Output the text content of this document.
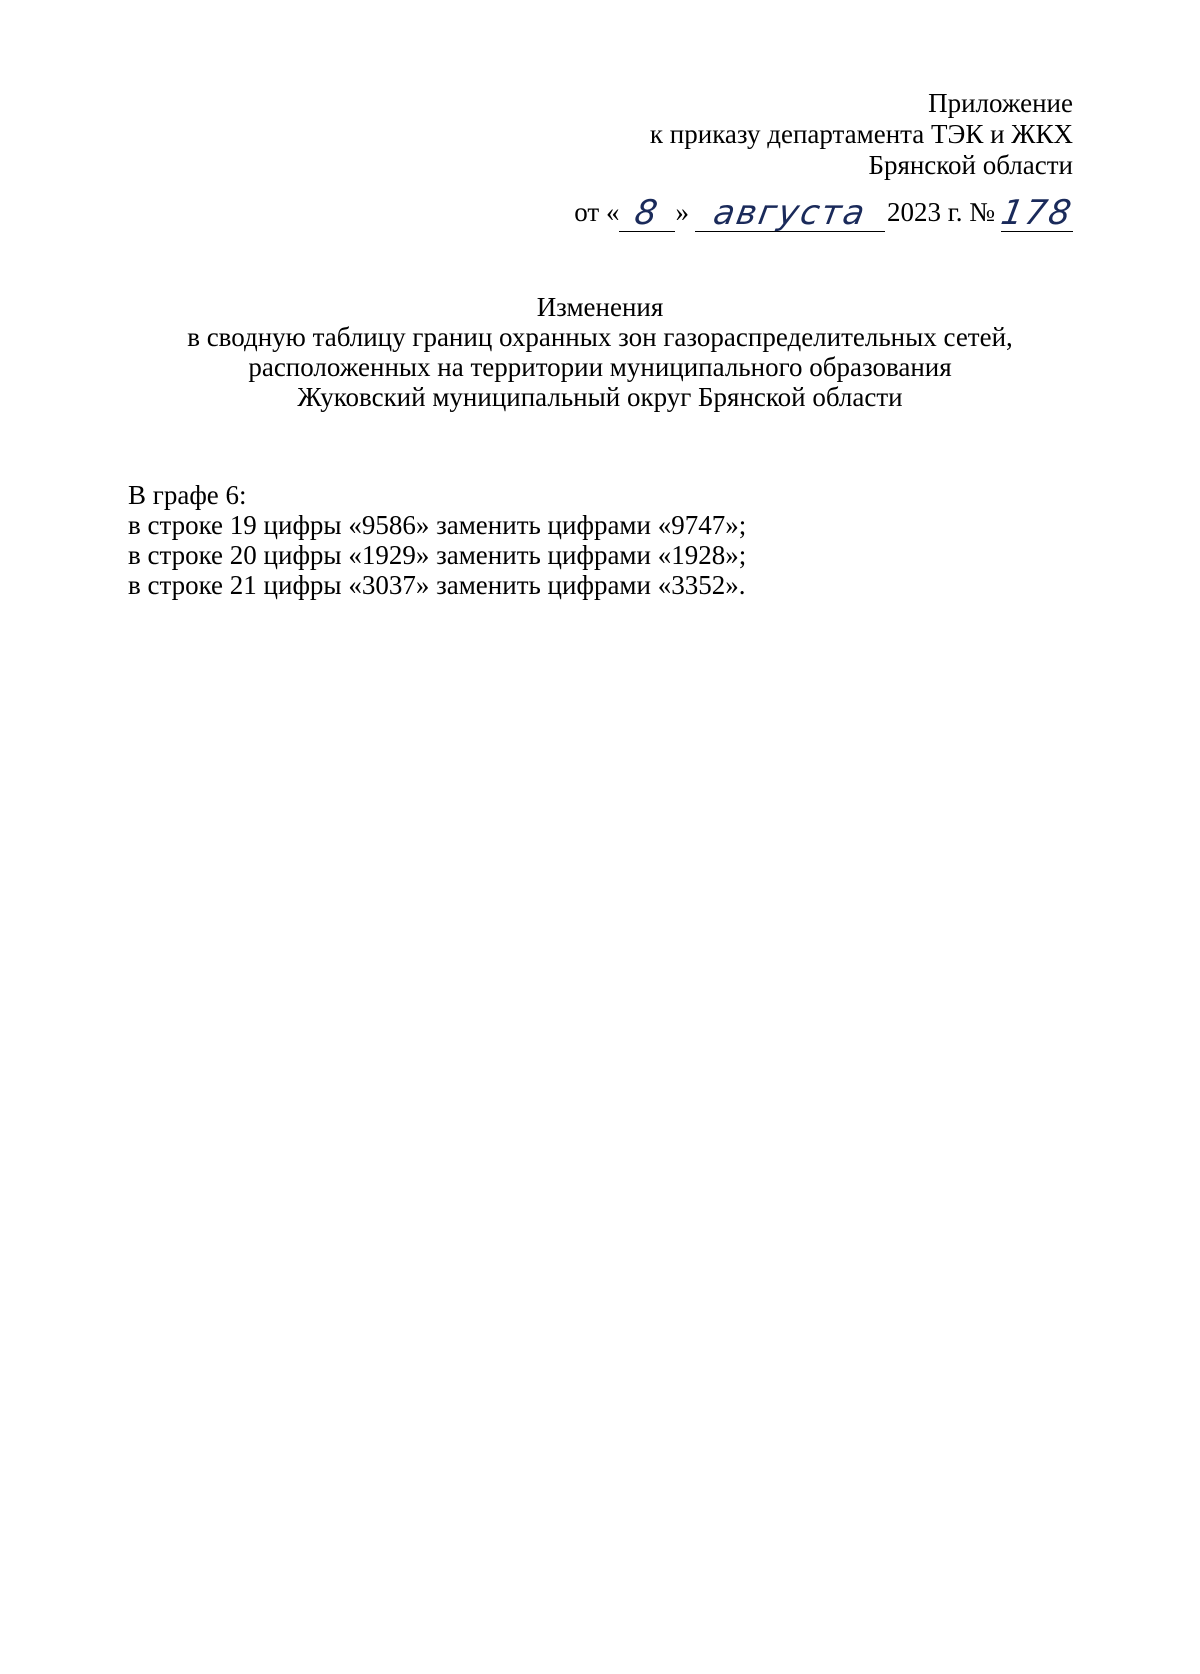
Приложение
к приказу департамента ТЭК и ЖКХ
Брянской области
от « 8 » августа 2023 г. № 178
Изменения
в сводную таблицу границ охранных зон газораспределительных сетей,
расположенных на территории муниципального образования
Жуковский муниципальный округ Брянской области
В графе 6:
в строке 19 цифры «9586» заменить цифрами «9747»;
в строке 20 цифры «1929» заменить цифрами «1928»;
в строке 21 цифры «3037» заменить цифрами «3352».
